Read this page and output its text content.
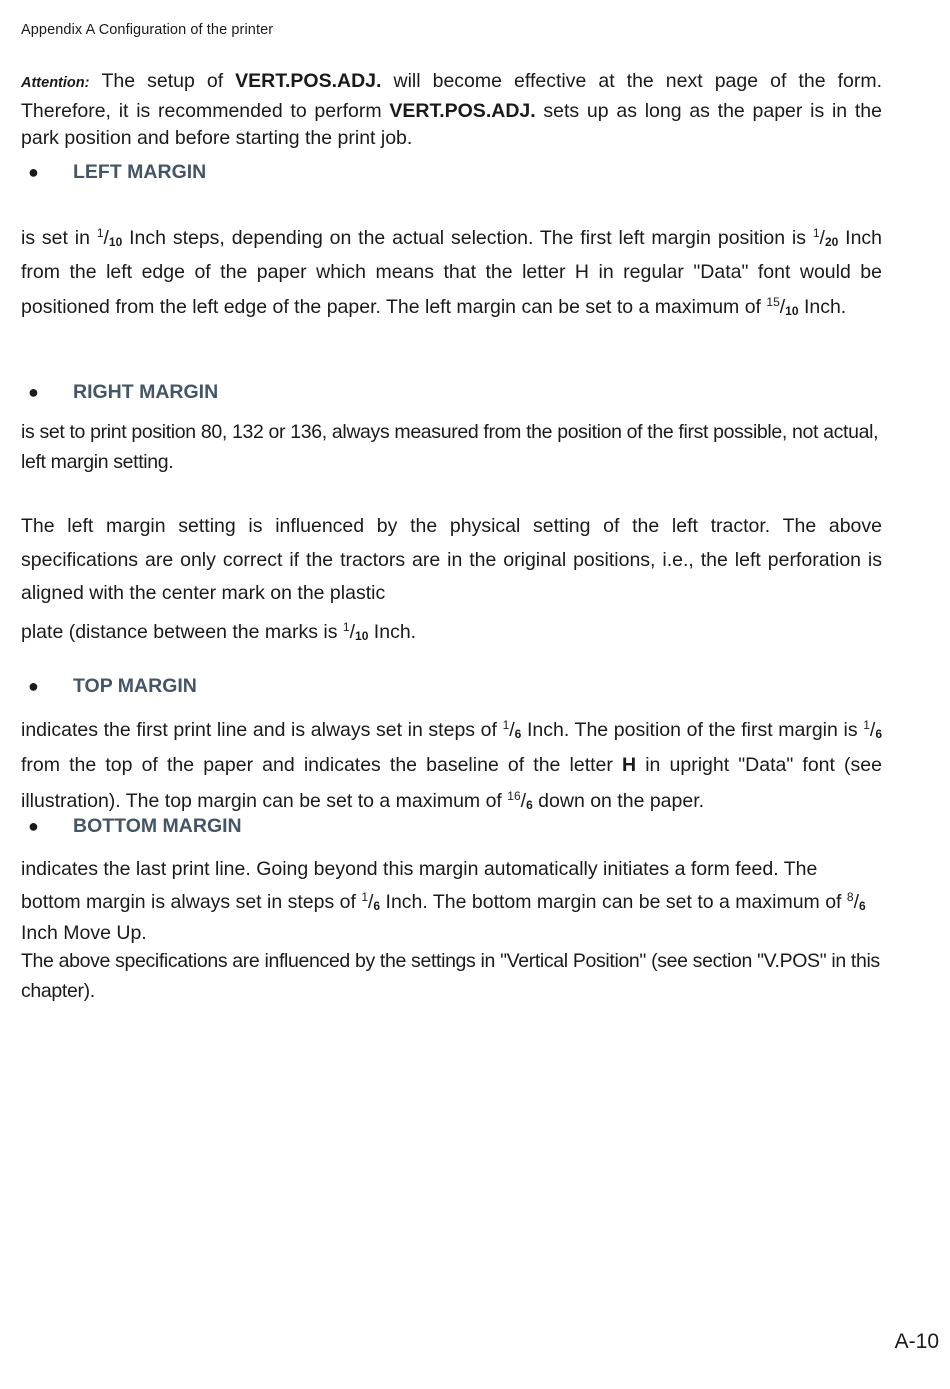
Appendix A Configuration of the printer

Attention: The setup of VERT.POS.ADJ. will become effective at the next page of the form. Therefore, it is recommended to perform VERT.POS.ADJ. sets up as long as the paper is in the park position and before starting the print job.

● LEFT MARGIN

is set in $^1/_{10}$ Inch steps, depending on the actual selection. The first left margin position is $^1/_{20}$ Inch from the left edge of the paper which means that the letter H in regular "Data" font would be positioned from the left edge of the paper. The left margin can be set to a maximum of $^{15}/_{10}$ Inch.

● RIGHT MARGIN

is set to print position 80, 132 or 136, always measured from the position of the first possible, not actual, left margin setting.

The left margin setting is influenced by the physical setting of the left tractor. The above specifications are only correct if the tractors are in the original positions, i.e., the left perforation is aligned with the center mark on the plastic
plate (distance between the marks is $^1/_{10}$ Inch.

● TOP MARGIN

indicates the first print line and is always set in steps of $^1/_6$ Inch. The position of the first margin is $^1/_6$ from the top of the paper and indicates the baseline of the letter H in upright "Data" font (see illustration). The top margin can be set to a maximum of $^{16}/_6$ down on the paper.

● BOTTOM MARGIN

indicates the last print line. Going beyond this margin automatically initiates a form feed. The bottom margin is always set in steps of $^1/_6$ Inch. The bottom margin can be set to a maximum of $^8/_6$ Inch Move Up.

The above specifications are influenced by the settings in "Vertical Position" (see section "V.POS" in this chapter).

A-10
